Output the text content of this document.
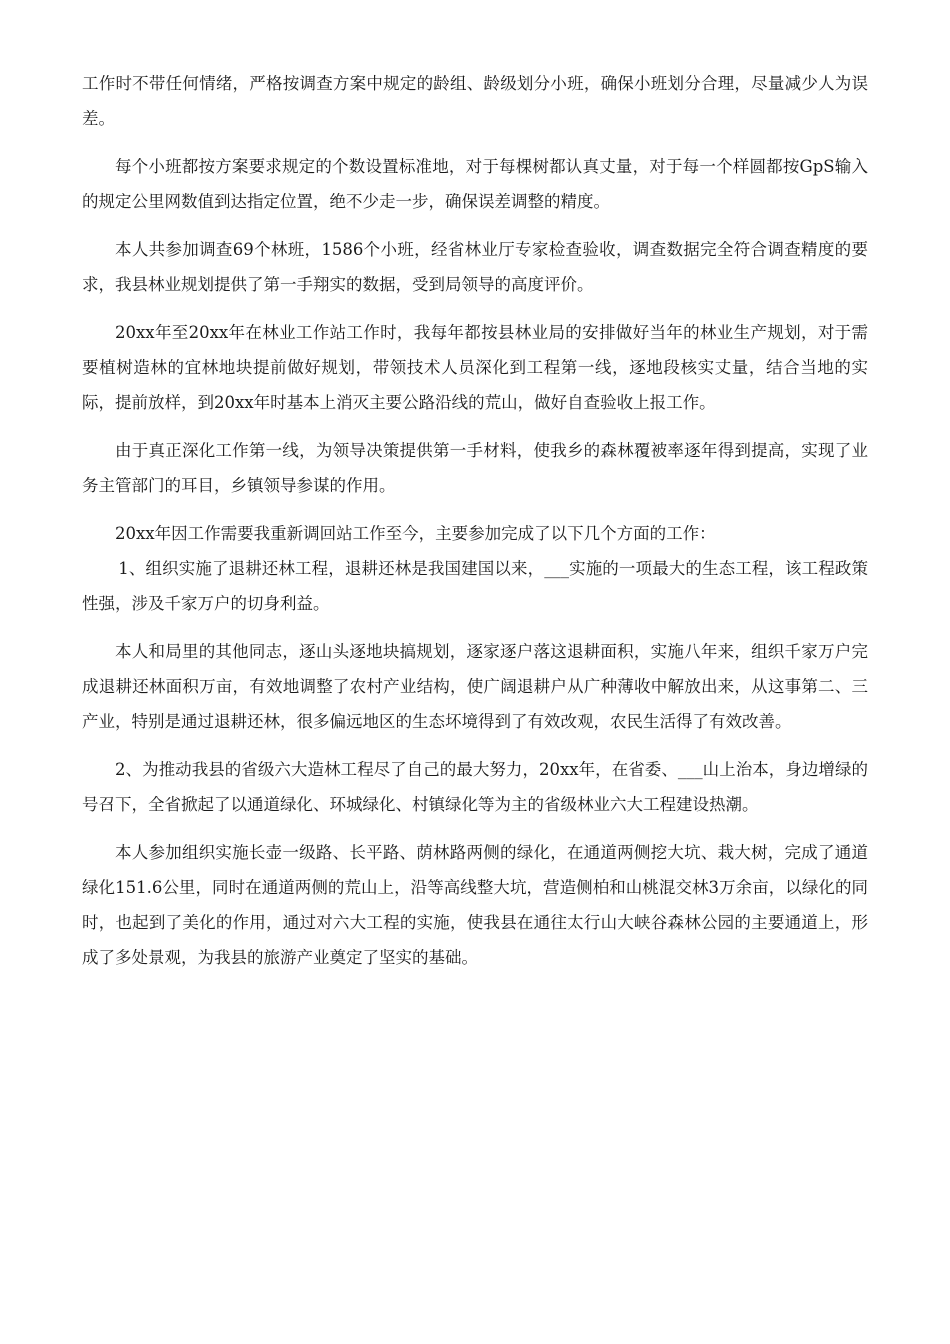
工作时不带任何情绪，严格按调查方案中规定的龄组、龄级划分小班，确保小班划分合理，尽量减少人为误差。

每个小班都按方案要求规定的个数设置标准地，对于每棵树都认真丈量，对于每一个样圆都按GpS输入的规定公里网数值到达指定位置，绝不少走一步，确保误差调整的精度。

本人共参加调查69个林班，1586个小班，经省林业厅专家检查验收，调查数据完全符合调查精度的要求，我县林业规划提供了第一手翔实的数据，受到局领导的高度评价。

20xx年至20xx年在林业工作站工作时，我每年都按县林业局的安排做好当年的林业生产规划，对于需要植树造林的宜林地块提前做好规划，带领技术人员深化到工程第一线，逐地段核实丈量，结合当地的实际，提前放样，到20xx年时基本上消灭主要公路沿线的荒山，做好自查验收上报工作。

由于真正深化工作第一线，为领导决策提供第一手材料，使我乡的森林覆被率逐年得到提高，实现了业务主管部门的耳目，乡镇领导参谋的作用。

20xx年因工作需要我重新调回站工作至今，主要参加完成了以下几个方面的工作：

1、组织实施了退耕还林工程，退耕还林是我国建国以来，___实施的一项最大的生态工程，该工程政策性强，涉及千家万户的切身利益。

本人和局里的其他同志，逐山头逐地块搞规划，逐家逐户落这退耕面积，实施八年来，组织千家万户完成退耕还林面积万亩，有效地调整了农村产业结构，使广阔退耕户从广种薄收中解放出来，从这事第二、三产业，特别是通过退耕还林，很多偏远地区的生态坏境得到了有效改观，农民生活得了有效改善。

2、为推动我县的省级六大造林工程尽了自己的最大努力，20xx年，在省委、___山上治本，身边增绿的号召下，全省掀起了以通道绿化、环城绿化、村镇绿化等为主的省级林业六大工程建设热潮。

本人参加组织实施长壶一级路、长平路、荫林路两侧的绿化，在通道两侧挖大坑、栽大树，完成了通道绿化151.6公里，同时在通道两侧的荒山上，沿等高线整大坑，营造侧柏和山桃混交林3万余亩，以绿化的同时，也起到了美化的作用，通过对六大工程的实施，使我县在通往太行山大峡谷森林公园的主要通道上，形成了多处景观，为我县的旅游产业奠定了坚实的基础。
